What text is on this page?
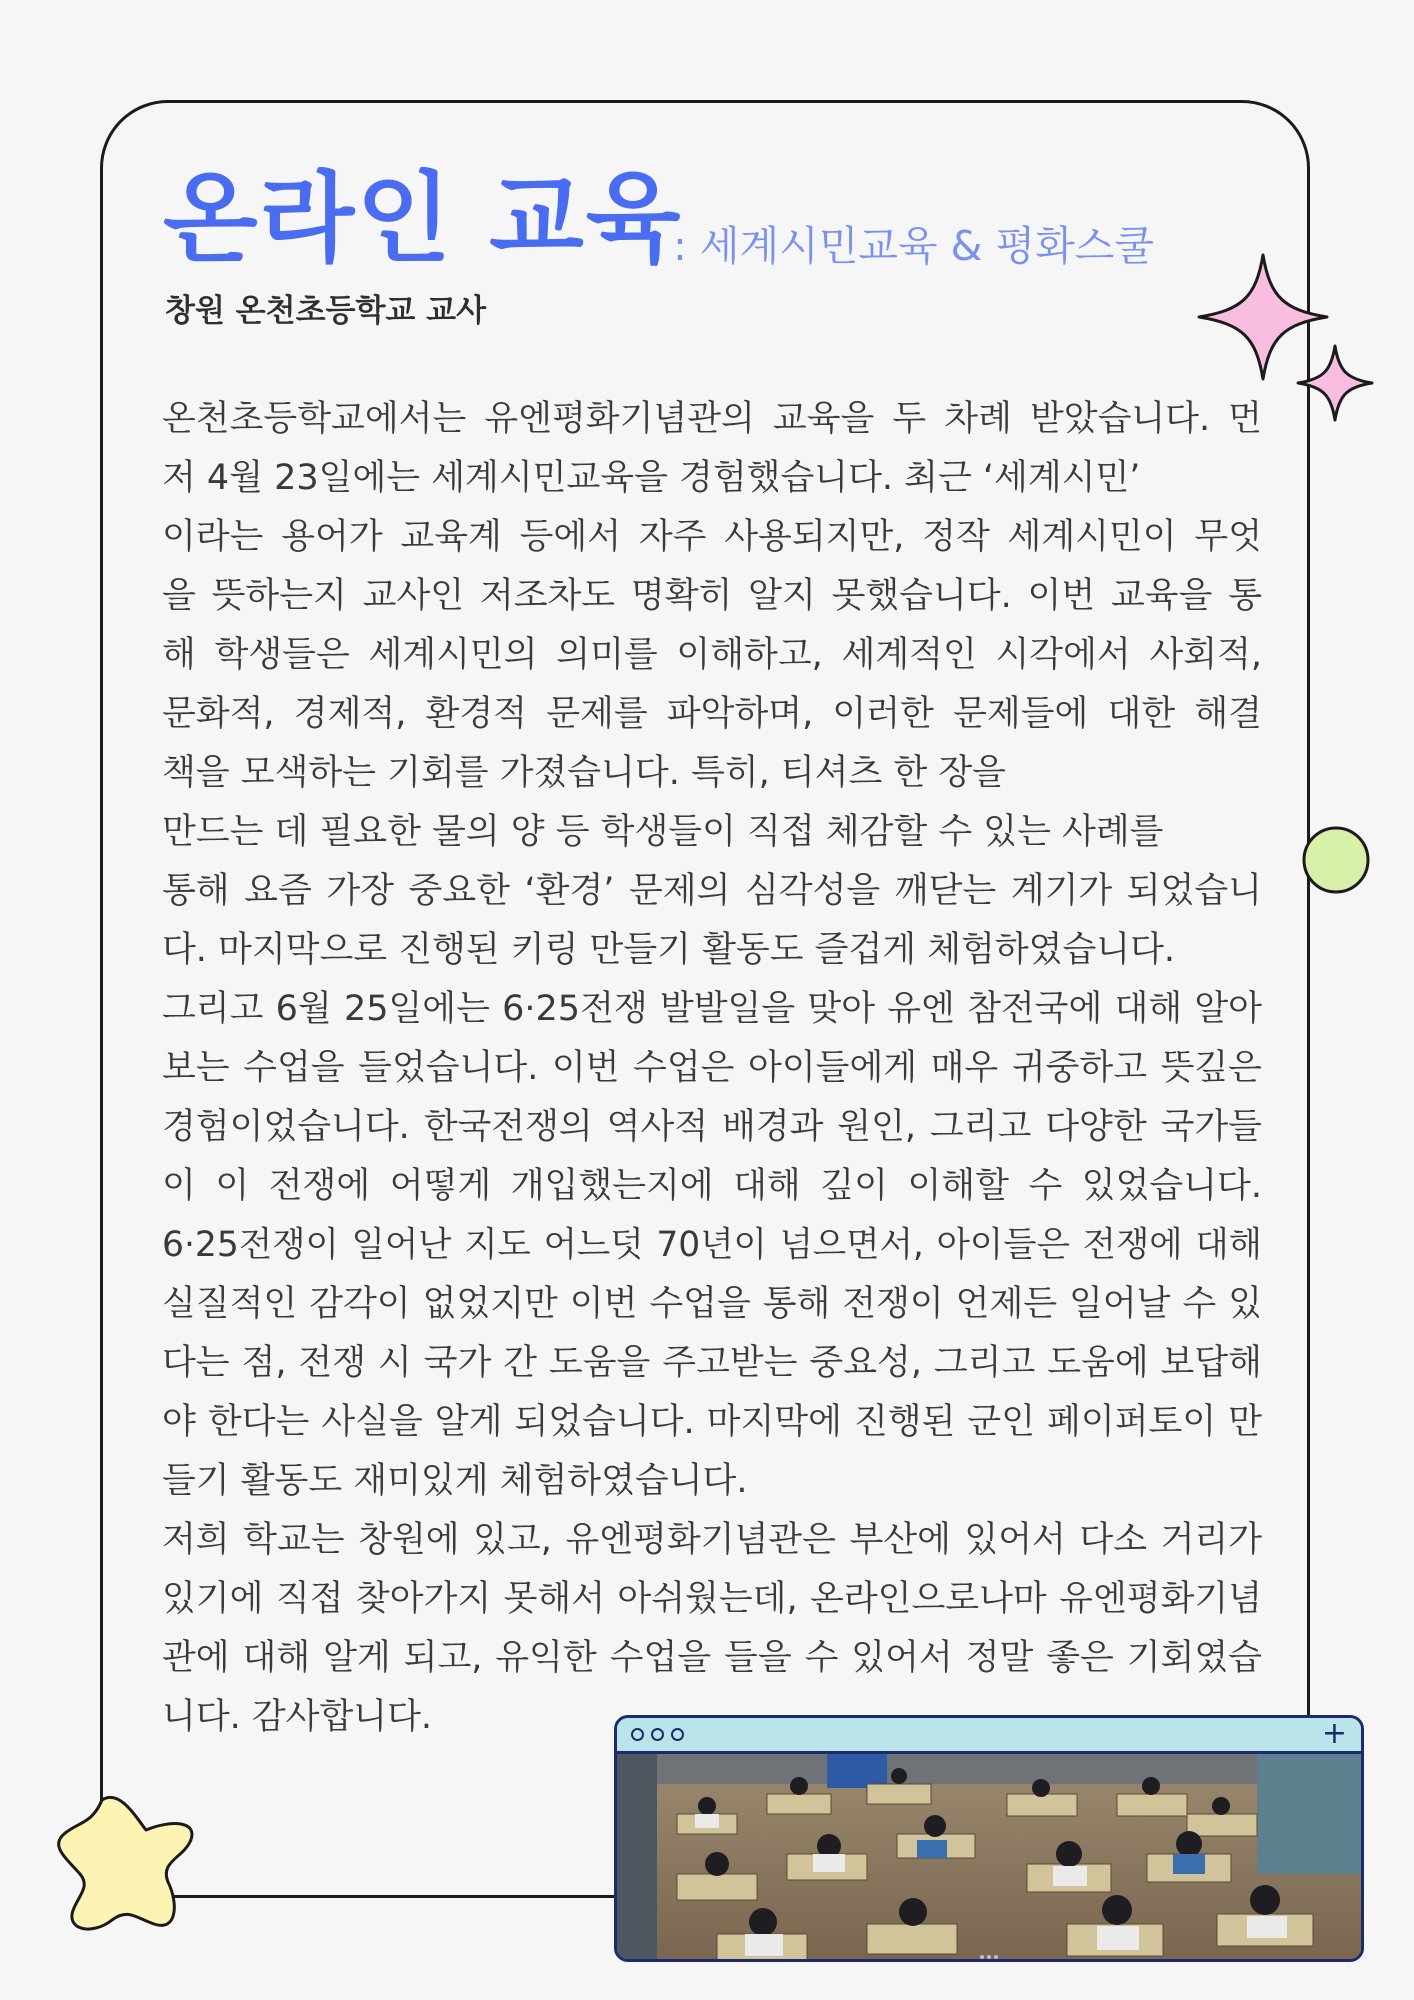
온라인 교육
: 세계시민교육 & 평화스쿨
창원 온천초등학교 교사
온천초등학교에서는 유엔평화기념관의 교육을 두 차례 받았습니다. 먼
저 4월 23일에는 세계시민교육을 경험했습니다. 최근 ‘세계시민’
이라는 용어가 교육계 등에서 자주 사용되지만, 정작 세계시민이 무엇
을 뜻하는지 교사인 저조차도 명확히 알지 못했습니다. 이번 교육을 통
해 학생들은 세계시민의 의미를 이해하고, 세계적인 시각에서 사회적,
문화적, 경제적, 환경적 문제를 파악하며, 이러한 문제들에 대한 해결
책을 모색하는 기회를 가졌습니다. 특히, 티셔츠 한 장을
만드는 데 필요한 물의 양 등 학생들이 직접 체감할 수 있는 사례를
통해 요즘 가장 중요한 ‘환경’ 문제의 심각성을 깨닫는 계기가 되었습니
다. 마지막으로 진행된 키링 만들기 활동도 즐겁게 체험하였습니다.
그리고 6월 25일에는 6·25전쟁 발발일을 맞아 유엔 참전국에 대해 알아
보는 수업을 들었습니다. 이번 수업은 아이들에게 매우 귀중하고 뜻깊은
경험이었습니다. 한국전쟁의 역사적 배경과 원인, 그리고 다양한 국가들
이 이 전쟁에 어떻게 개입했는지에 대해 깊이 이해할 수 있었습니다.
6·25전쟁이 일어난 지도 어느덧 70년이 넘으면서, 아이들은 전쟁에 대해
실질적인 감각이 없었지만 이번 수업을 통해 전쟁이 언제든 일어날 수 있
다는 점, 전쟁 시 국가 간 도움을 주고받는 중요성, 그리고 도움에 보답해
야 한다는 사실을 알게 되었습니다. 마지막에 진행된 군인 페이퍼토이 만
들기 활동도 재미있게 체험하였습니다.
저희 학교는 창원에 있고, 유엔평화기념관은 부산에 있어서 다소 거리가
있기에 직접 찾아가지 못해서 아쉬웠는데, 온라인으로나마 유엔평화기념
관에 대해 알게 되고, 유익한 수업을 들을 수 있어서 정말 좋은 기회였습
니다. 감사합니다.	+
